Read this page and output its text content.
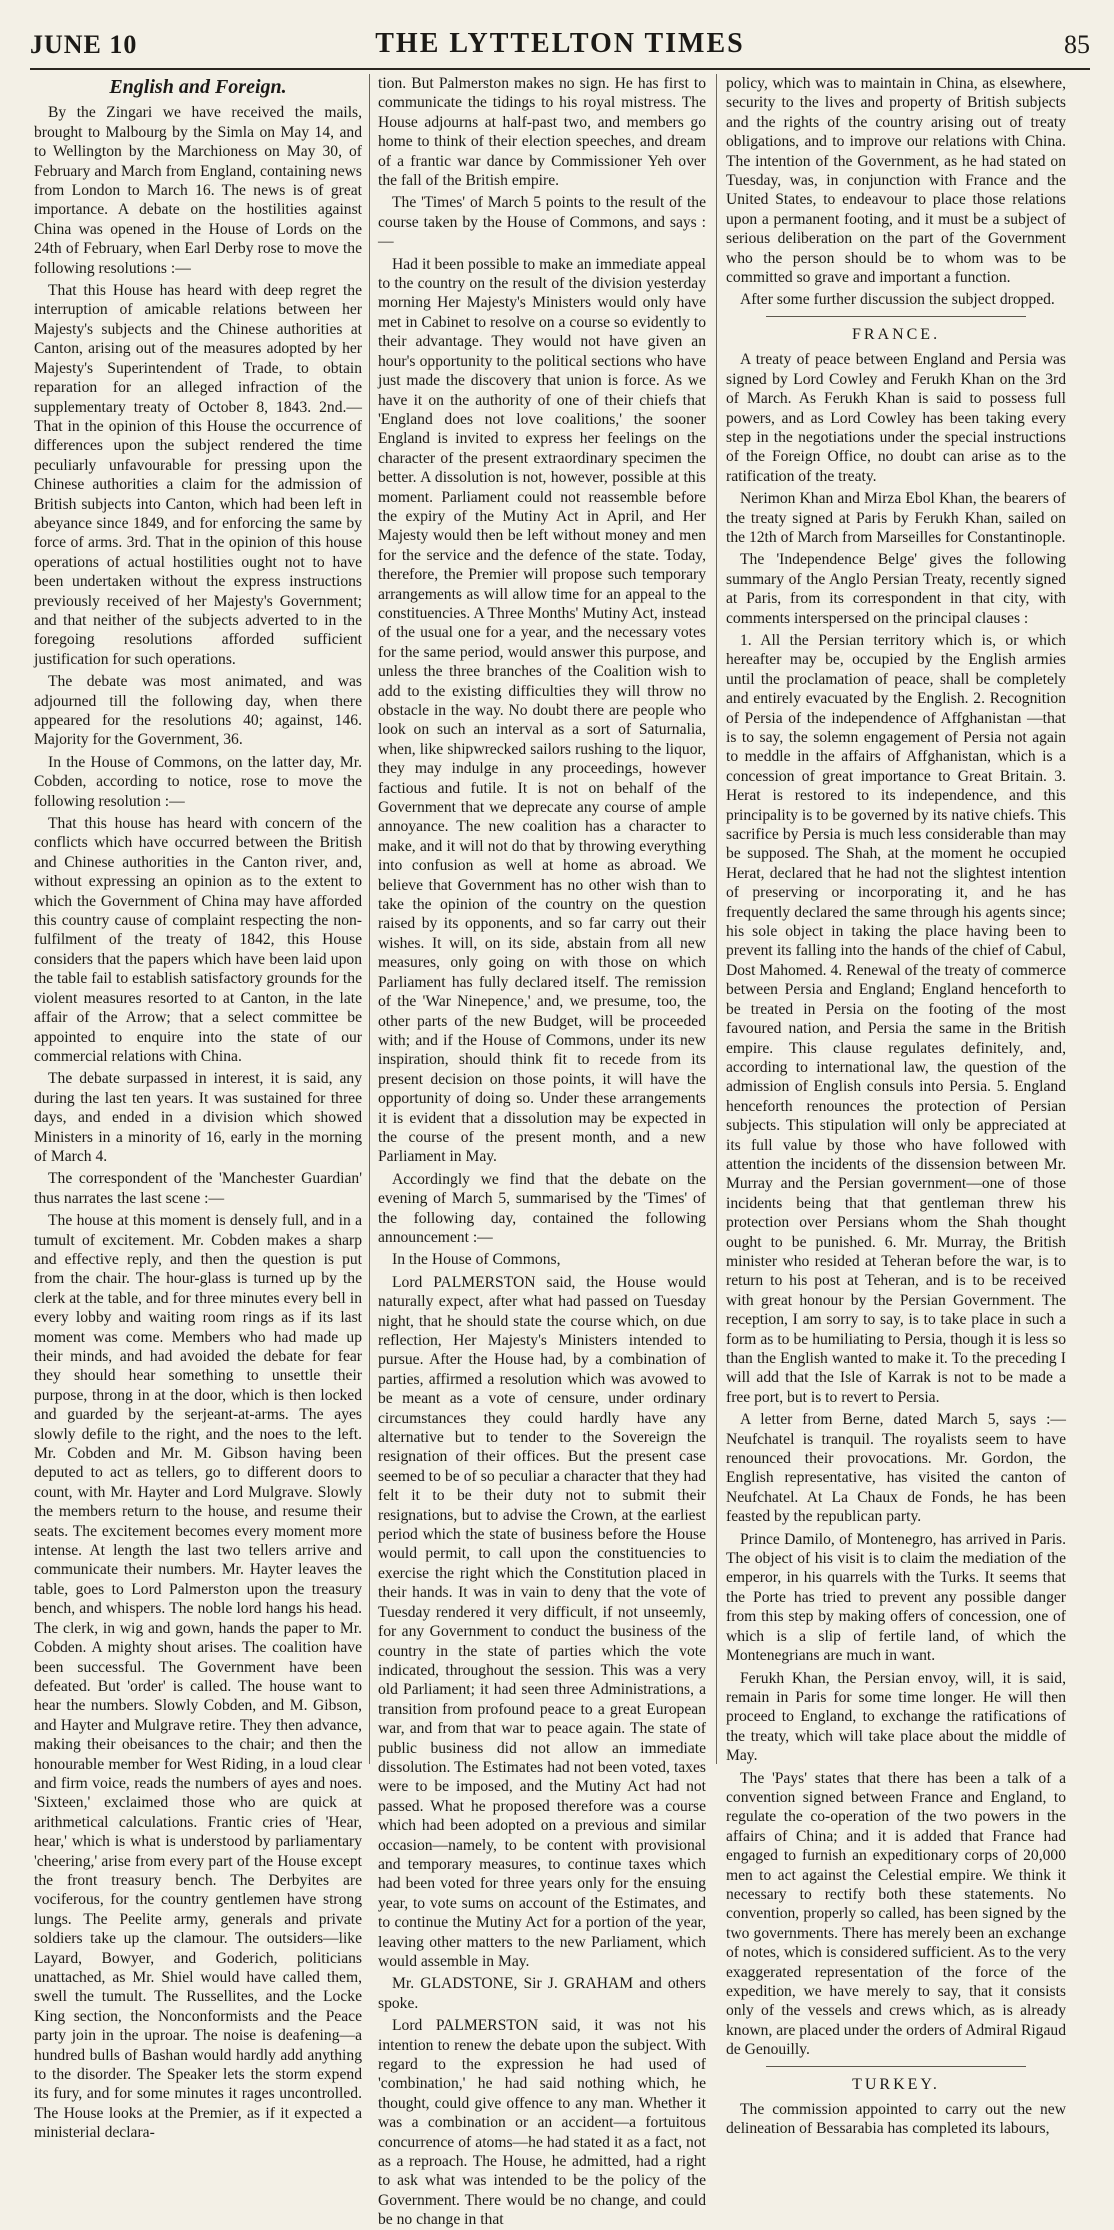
JUNE 10	THE LYTTELTON TIMES	85
English and Foreign.

By the Zingari we have received the mails, brought to Malbourg by the Simla on May 14, and to Wellington by the Marchioness on May 30, of February and March from England, containing news from London to March 16. The news is of great importance. A debate on the hostilities against China was opened in the House of Lords on the 24th of February, when Earl Derby rose to move the following resolutions :—

That this House has heard with deep regret the interruption of amicable relations between her Majesty's subjects and the Chinese authorities at Canton, arising out of the measures adopted by her Majesty's Superintendent of Trade, to obtain reparation for an alleged infraction of the supplementary treaty of October 8, 1843. 2nd.—That in the opinion of this House the occurrence of differences upon the subject rendered the time peculiarly unfavourable for pressing upon the Chinese authorities a claim for the admission of British subjects into Canton, which had been left in abeyance since 1849, and for enforcing the same by force of arms. 3rd. That in the opinion of this house operations of actual hostilities ought not to have been undertaken without the express instructions previously received of her Majesty's Government; and that neither of the subjects adverted to in the foregoing resolutions afforded sufficient justification for such operations.

The debate was most animated, and was adjourned till the following day, when there appeared for the resolutions 40; against, 146. Majority for the Government, 36.

In the House of Commons, on the latter day, Mr. Cobden, according to notice, rose to move the following resolution :—

That this house has heard with concern of the conflicts which have occurred between the British and Chinese authorities in the Canton river, and, without expressing an opinion as to the extent to which the Government of China may have afforded this country cause of complaint respecting the non-fulfilment of the treaty of 1842, this House considers that the papers which have been laid upon the table fail to establish satisfactory grounds for the violent measures resorted to at Canton, in the late affair of the Arrow; that a select committee be appointed to enquire into the state of our commercial relations with China.

The debate surpassed in interest, it is said, any during the last ten years. It was sustained for three days, and ended in a division which showed Ministers in a minority of 16, early in the morning of March 4.

The correspondent of the 'Manchester Guardian' thus narrates the last scene :—

The house at this moment is densely full, and in a tumult of excitement. Mr. Cobden makes a sharp and effective reply, and then the question is put from the chair. The hour-glass is turned up by the clerk at the table, and for three minutes every bell in every lobby and waiting room rings as if its last moment was come. Members who had made up their minds, and had avoided the debate for fear they should hear something to unsettle their purpose, throng in at the door, which is then locked and guarded by the serjeant-at-arms. The ayes slowly defile to the right, and the noes to the left. Mr. Cobden and Mr. M. Gibson having been deputed to act as tellers, go to different doors to count, with Mr. Hayter and Lord Mulgrave. Slowly the members return to the house, and resume their seats. The excitement becomes every moment more intense. At length the last two tellers arrive and communicate their numbers. Mr. Hayter leaves the table, goes to Lord Palmerston upon the treasury bench, and whispers. The noble lord hangs his head. The clerk, in wig and gown, hands the paper to Mr. Cobden. A mighty shout arises. The coalition have been successful. The Government have been defeated. But 'order' is called. The house want to hear the numbers. Slowly Cobden, and M. Gibson, and Hayter and Mulgrave retire. They then advance, making their obeisances to the chair; and then the honourable member for West Riding, in a loud clear and firm voice, reads the numbers of ayes and noes. 'Sixteen,' exclaimed those who are quick at arithmetical calculations. Frantic cries of 'Hear, hear,' which is what is understood by parliamentary 'cheering,' arise from every part of the House except the front treasury bench. The Derbyites are vociferous, for the country gentlemen have strong lungs. The Peelite army, generals and private soldiers take up the clamour. The outsiders—like Layard, Bowyer, and Goderich, politicians unattached, as Mr. Shiel would have called them, swell the tumult. The Russellites, and the Locke King section, the Nonconformists and the Peace party join in the uproar. The noise is deafening—a hundred bulls of Bashan would hardly add anything to the disorder. The Speaker lets the storm expend its fury, and for some minutes it rages uncontrolled. The House looks at the Premier, as if it expected a ministerial declara-

tion. But Palmerston makes no sign. He has first to communicate the tidings to his royal mistress. The House adjourns at half-past two, and members go home to think of their election speeches, and dream of a frantic war dance by Commissioner Yeh over the fall of the British empire.

The 'Times' of March 5 points to the result of the course taken by the House of Commons, and says :—

Had it been possible to make an immediate appeal to the country on the result of the division yesterday morning Her Majesty's Ministers would only have met in Cabinet to resolve on a course so evidently to their advantage. They would not have given an hour's opportunity to the political sections who have just made the discovery that union is force. As we have it on the authority of one of their chiefs that 'England does not love coalitions,' the sooner England is invited to express her feelings on the character of the present extraordinary specimen the better. A dissolution is not, however, possible at this moment. Parliament could not reassemble before the expiry of the Mutiny Act in April, and Her Majesty would then be left without money and men for the service and the defence of the state. Today, therefore, the Premier will propose such temporary arrangements as will allow time for an appeal to the constituencies. A Three Months' Mutiny Act, instead of the usual one for a year, and the necessary votes for the same period, would answer this purpose, and unless the three branches of the Coalition wish to add to the existing difficulties they will throw no obstacle in the way. No doubt there are people who look on such an interval as a sort of Saturnalia, when, like shipwrecked sailors rushing to the liquor, they may indulge in any proceedings, however factious and futile. It is not on behalf of the Government that we deprecate any course of ample annoyance. The new coalition has a character to make, and it will not do that by throwing everything into confusion as well at home as abroad. We believe that Government has no other wish than to take the opinion of the country on the question raised by its opponents, and so far carry out their wishes. It will, on its side, abstain from all new measures, only going on with those on which Parliament has fully declared itself. The remission of the 'War Ninepence,' and, we presume, too, the other parts of the new Budget, will be proceeded with; and if the House of Commons, under its new inspiration, should think fit to recede from its present decision on those points, it will have the opportunity of doing so. Under these arrangements it is evident that a dissolution may be expected in the course of the present month, and a new Parliament in May.

Accordingly we find that the debate on the evening of March 5, summarised by the 'Times' of the following day, contained the following announcement :—

In the House of Commons,

Lord PALMERSTON said, the House would naturally expect, after what had passed on Tuesday night, that he should state the course which, on due reflection, Her Majesty's Ministers intended to pursue. After the House had, by a combination of parties, affirmed a resolution which was avowed to be meant as a vote of censure, under ordinary circumstances they could hardly have any alternative but to tender to the Sovereign the resignation of their offices. But the present case seemed to be of so peculiar a character that they had felt it to be their duty not to submit their resignations, but to advise the Crown, at the earliest period which the state of business before the House would permit, to call upon the constituencies to exercise the right which the Constitution placed in their hands. It was in vain to deny that the vote of Tuesday rendered it very difficult, if not unseemly, for any Government to conduct the business of the country in the state of parties which the vote indicated, throughout the session. This was a very old Parliament; it had seen three Administrations, a transition from profound peace to a great European war, and from that war to peace again. The state of public business did not allow an immediate dissolution. The Estimates had not been voted, taxes were to be imposed, and the Mutiny Act had not passed. What he proposed therefore was a course which had been adopted on a previous and similar occasion—namely, to be content with provisional and temporary measures, to continue taxes which had been voted for three years only for the ensuing year, to vote sums on account of the Estimates, and to continue the Mutiny Act for a portion of the year, leaving other matters to the new Parliament, which would assemble in May.

Mr. GLADSTONE, Sir J. GRAHAM and others spoke.

Lord PALMERSTON said, it was not his intention to renew the debate upon the subject. With regard to the expression he had used of 'combination,' he had said nothing which, he thought, could give offence to any man. Whether it was a combination or an accident—a fortuitous concurrence of atoms—he had stated it as a fact, not as a reproach. The House, he admitted, had a right to ask what was intended to be the policy of the Government. There would be no change, and could be no change in that

policy, which was to maintain in China, as elsewhere, security to the lives and property of British subjects and the rights of the country arising out of treaty obligations, and to improve our relations with China. The intention of the Government, as he had stated on Tuesday, was, in conjunction with France and the United States, to endeavour to place those relations upon a permanent footing, and it must be a subject of serious deliberation on the part of the Government who the person should be to whom was to be committed so grave and important a function.

After some further discussion the subject dropped.

FRANCE.

A treaty of peace between England and Persia was signed by Lord Cowley and Ferukh Khan on the 3rd of March. As Ferukh Khan is said to possess full powers, and as Lord Cowley has been taking every step in the negotiations under the special instructions of the Foreign Office, no doubt can arise as to the ratification of the treaty.

Nerimon Khan and Mirza Ebol Khan, the bearers of the treaty signed at Paris by Ferukh Khan, sailed on the 12th of March from Marseilles for Constantinople.

The 'Independence Belge' gives the following summary of the Anglo Persian Treaty, recently signed at Paris, from its correspondent in that city, with comments interspersed on the principal clauses :

1. All the Persian territory which is, or which hereafter may be, occupied by the English armies until the proclamation of peace, shall be completely and entirely evacuated by the English. 2. Recognition of Persia of the independence of Affghanistan —that is to say, the solemn engagement of Persia not again to meddle in the affairs of Affghanistan, which is a concession of great importance to Great Britain. 3. Herat is restored to its independence, and this principality is to be governed by its native chiefs. This sacrifice by Persia is much less considerable than may be supposed. The Shah, at the moment he occupied Herat, declared that he had not the slightest intention of preserving or incorporating it, and he has frequently declared the same through his agents since; his sole object in taking the place having been to prevent its falling into the hands of the chief of Cabul, Dost Mahomed. 4. Renewal of the treaty of commerce between Persia and England; England henceforth to be treated in Persia on the footing of the most favoured nation, and Persia the same in the British empire. This clause regulates definitely, and, according to international law, the question of the admission of English consuls into Persia. 5. England henceforth renounces the protection of Persian subjects. This stipulation will only be appreciated at its full value by those who have followed with attention the incidents of the dissension between Mr. Murray and the Persian government—one of those incidents being that that gentleman threw his protection over Persians whom the Shah thought ought to be punished. 6. Mr. Murray, the British minister who resided at Teheran before the war, is to return to his post at Teheran, and is to be received with great honour by the Persian Government. The reception, I am sorry to say, is to take place in such a form as to be humiliating to Persia, though it is less so than the English wanted to make it. To the preceding I will add that the Isle of Karrak is not to be made a free port, but is to revert to Persia.

A letter from Berne, dated March 5, says :— Neufchatel is tranquil. The royalists seem to have renounced their provocations. Mr. Gordon, the English representative, has visited the canton of Neufchatel. At La Chaux de Fonds, he has been feasted by the republican party.

Prince Damilo, of Montenegro, has arrived in Paris. The object of his visit is to claim the mediation of the emperor, in his quarrels with the Turks. It seems that the Porte has tried to prevent any possible danger from this step by making offers of concession, one of which is a slip of fertile land, of which the Montenegrians are much in want.

Ferukh Khan, the Persian envoy, will, it is said, remain in Paris for some time longer. He will then proceed to England, to exchange the ratifications of the treaty, which will take place about the middle of May.

The 'Pays' states that there has been a talk of a convention signed between France and England, to regulate the co-operation of the two powers in the affairs of China; and it is added that France had engaged to furnish an expeditionary corps of 20,000 men to act against the Celestial empire. We think it necessary to rectify both these statements. No convention, properly so called, has been signed by the two governments. There has merely been an exchange of notes, which is considered sufficient. As to the very exaggerated representation of the force of the expedition, we have merely to say, that it consists only of the vessels and crews which, as is already known, are placed under the orders of Admiral Rigaud de Genouilly.

TURKEY.

The commission appointed to carry out the new delineation of Bessarabia has completed its labours,
